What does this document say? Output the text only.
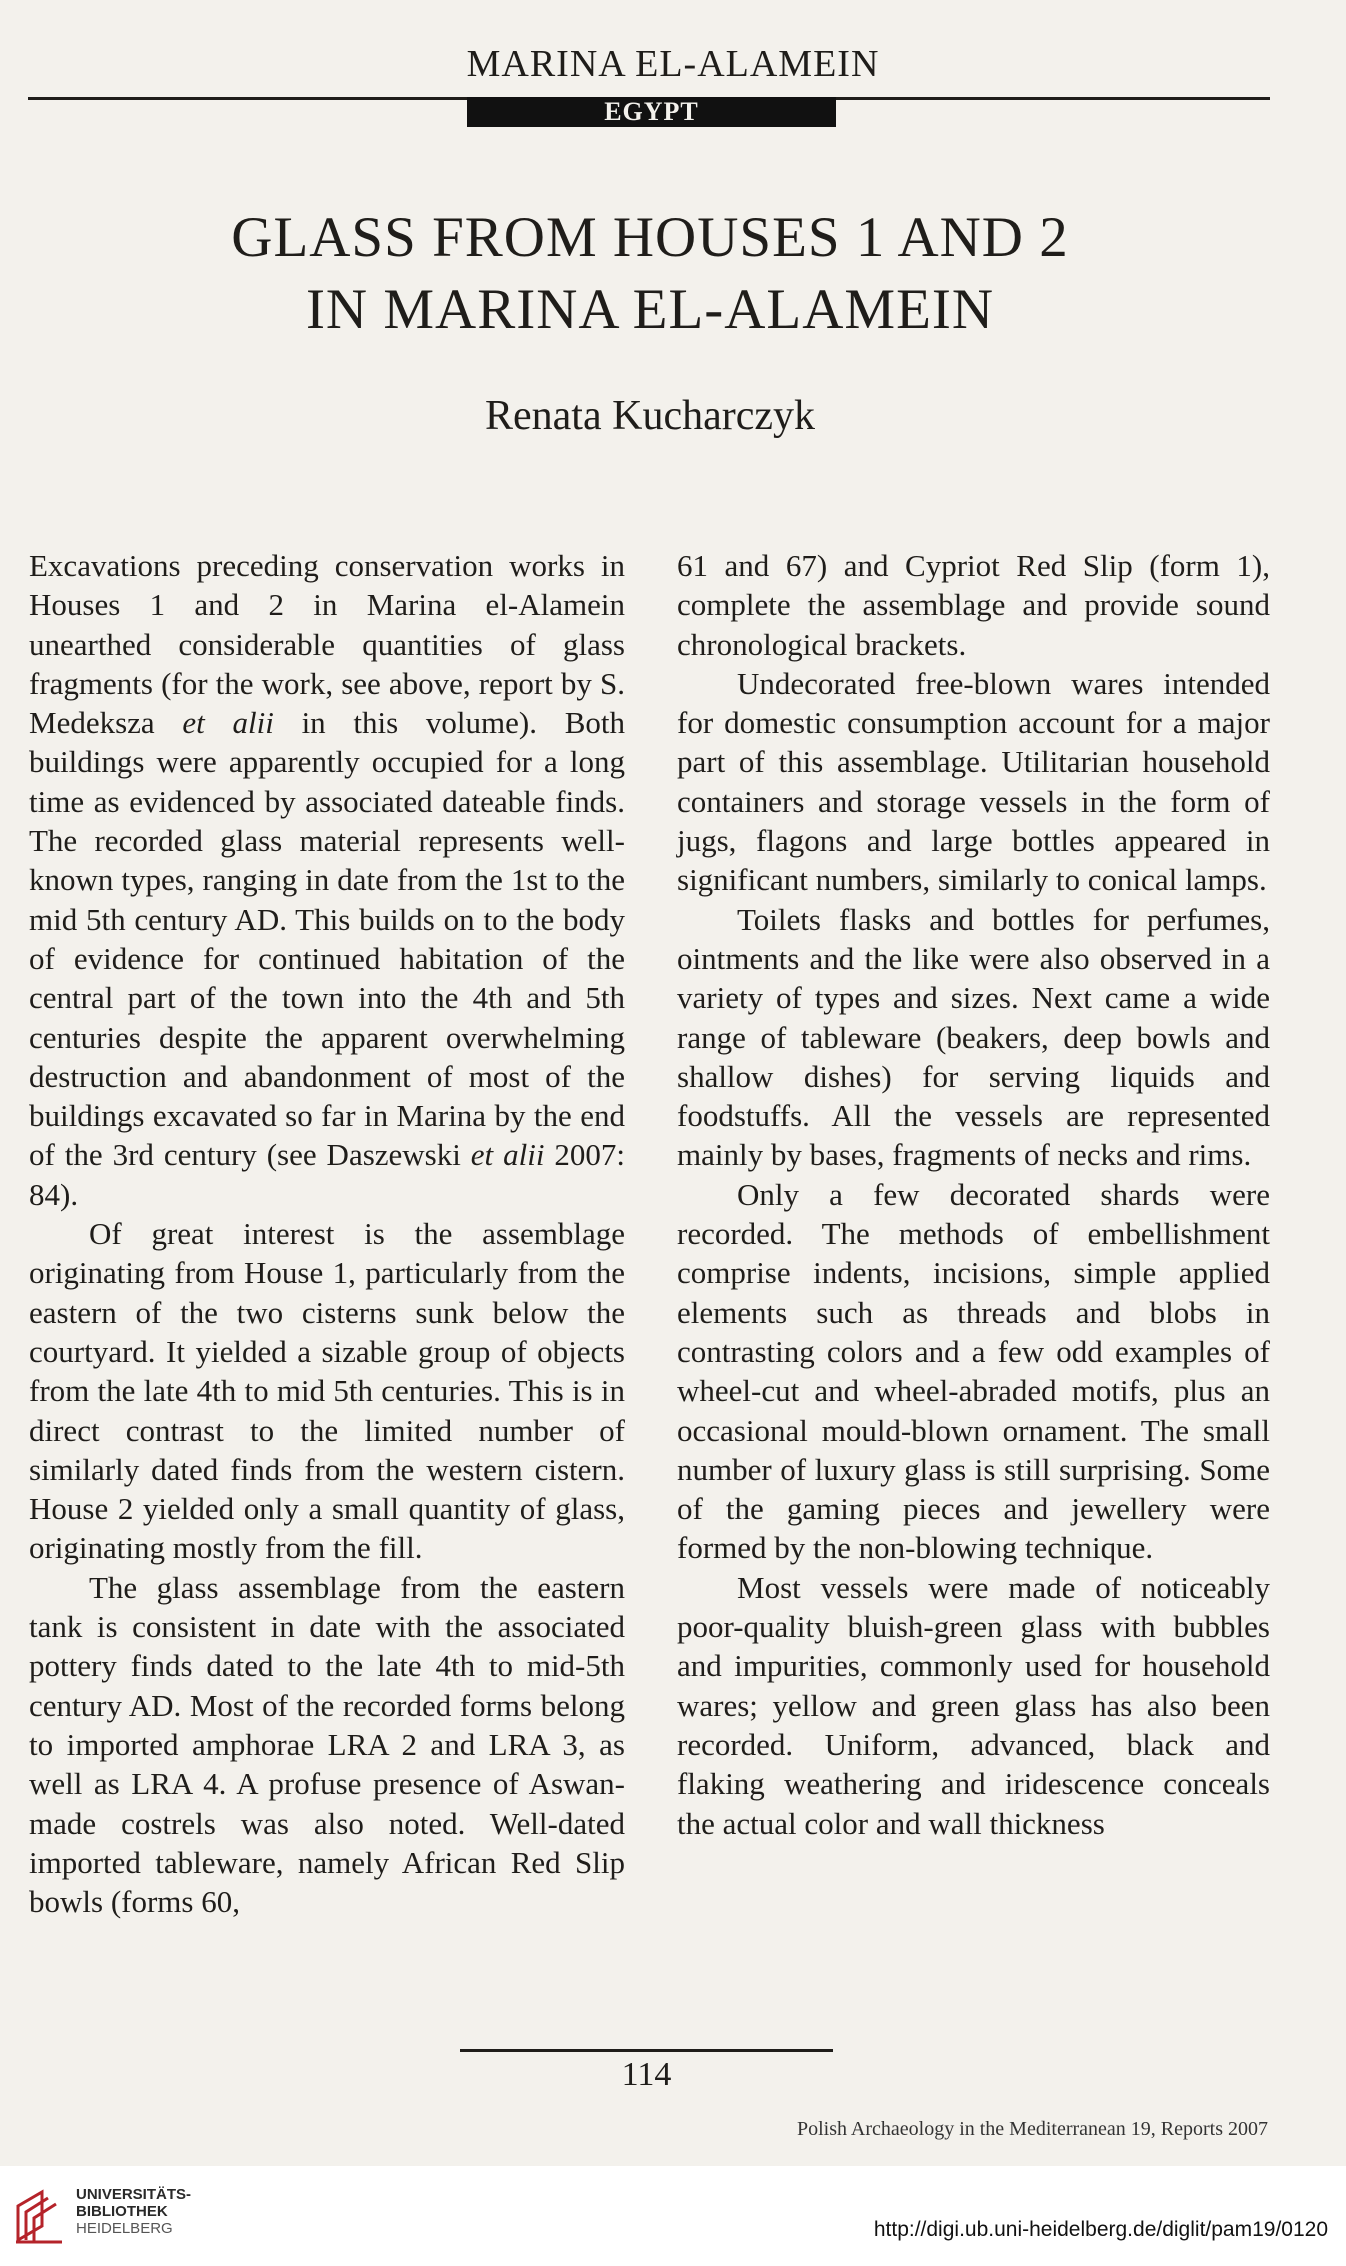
MARINA EL-ALAMEIN
EGYPT
GLASS FROM HOUSES 1 AND 2
IN MARINA EL-ALAMEIN
Renata Kucharczyk

Excavations preceding conservation works in Houses 1 and 2 in Marina el-Alamein unearthed considerable quantities of glass fragments (for the work, see above, report by S. Medeksza et alii in this volume). Both buildings were apparently occupied for a long time as evidenced by associated dateable finds. The recorded glass material represents well-known types, ranging in date from the 1st to the mid 5th century AD. This builds on to the body of evidence for continued habitation of the central part of the town into the 4th and 5th centuries despite the apparent overwhelming destruction and abandonment of most of the buildings excavated so far in Marina by the end of the 3rd century (see Daszewski et alii 2007: 84).

Of great interest is the assemblage originating from House 1, particularly from the eastern of the two cisterns sunk below the courtyard. It yielded a sizable group of objects from the late 4th to mid 5th centuries. This is in direct contrast to the limited number of similarly dated finds from the western cistern. House 2 yielded only a small quantity of glass, originating mostly from the fill.

The glass assemblage from the eastern tank is consistent in date with the associated pottery finds dated to the late 4th to mid-5th century AD. Most of the recorded forms belong to imported amphorae LRA 2 and LRA 3, as well as LRA 4. A profuse presence of Aswan-made costrels was also noted. Well-dated imported tableware, namely African Red Slip bowls (forms 60,

61 and 67) and Cypriot Red Slip (form 1), complete the assemblage and provide sound chronological brackets.

Undecorated free-blown wares intended for domestic consumption account for a major part of this assemblage. Utilitarian household containers and storage vessels in the form of jugs, flagons and large bottles appeared in significant numbers, similarly to conical lamps.

Toilets flasks and bottles for perfumes, ointments and the like were also observed in a variety of types and sizes. Next came a wide range of tableware (beakers, deep bowls and shallow dishes) for serving liquids and foodstuffs. All the vessels are represented mainly by bases, fragments of necks and rims.

Only a few decorated shards were recorded. The methods of embellishment comprise indents, incisions, simple applied elements such as threads and blobs in contrasting colors and a few odd examples of wheel-cut and wheel-abraded motifs, plus an occasional mould-blown ornament. The small number of luxury glass is still surprising. Some of the gaming pieces and jewellery were formed by the non-blowing technique.

Most vessels were made of noticeably poor-quality bluish-green glass with bubbles and impurities, commonly used for household wares; yellow and green glass has also been recorded. Uniform, advanced, black and flaking weathering and iridescence conceals the actual color and wall thickness

114
Polish Archaeology in the Mediterranean 19, Reports 2007
UNIVERSITÄTS-
BIBLIOTHEK
HEIDELBERG	http://digi.ub.uni-heidelberg.de/diglit/pam19/0120
